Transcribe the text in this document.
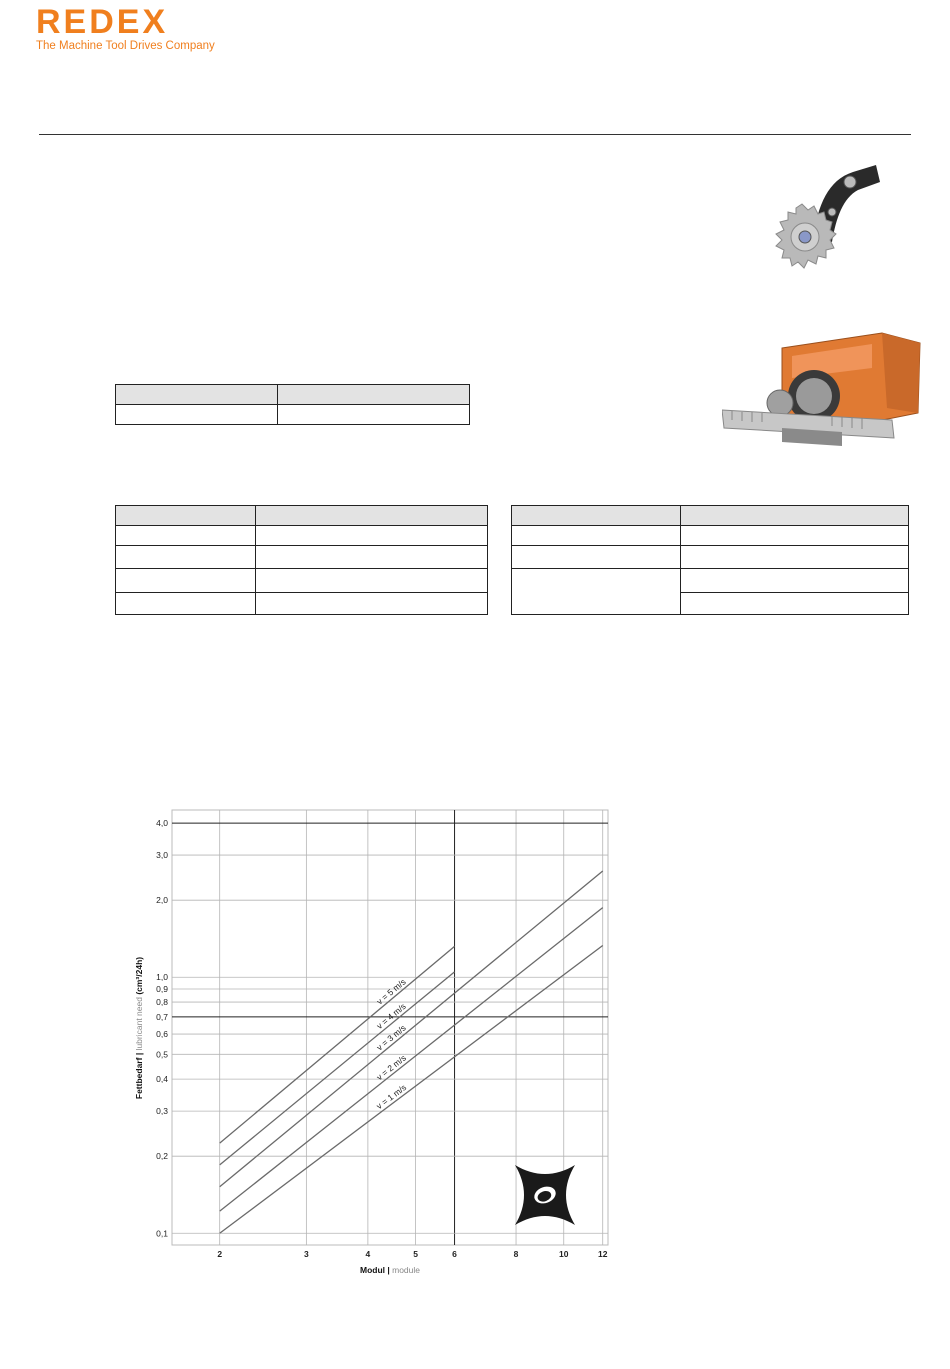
REDEX
The Machine Tool Drives Company

2	3	4	5	6	8	10	12
0,1
0,2
0,3
0,4
0,5
0,6
0,7
0,8
0,9
1,0
2,0
3,0
4,0
v = 5 m/s
v = 4 m/s
v = 3 m/s
v = 2 m/s
v = 1 m/s
Modul | module
Fettbedarf | lubricant need (cm³/24h)
